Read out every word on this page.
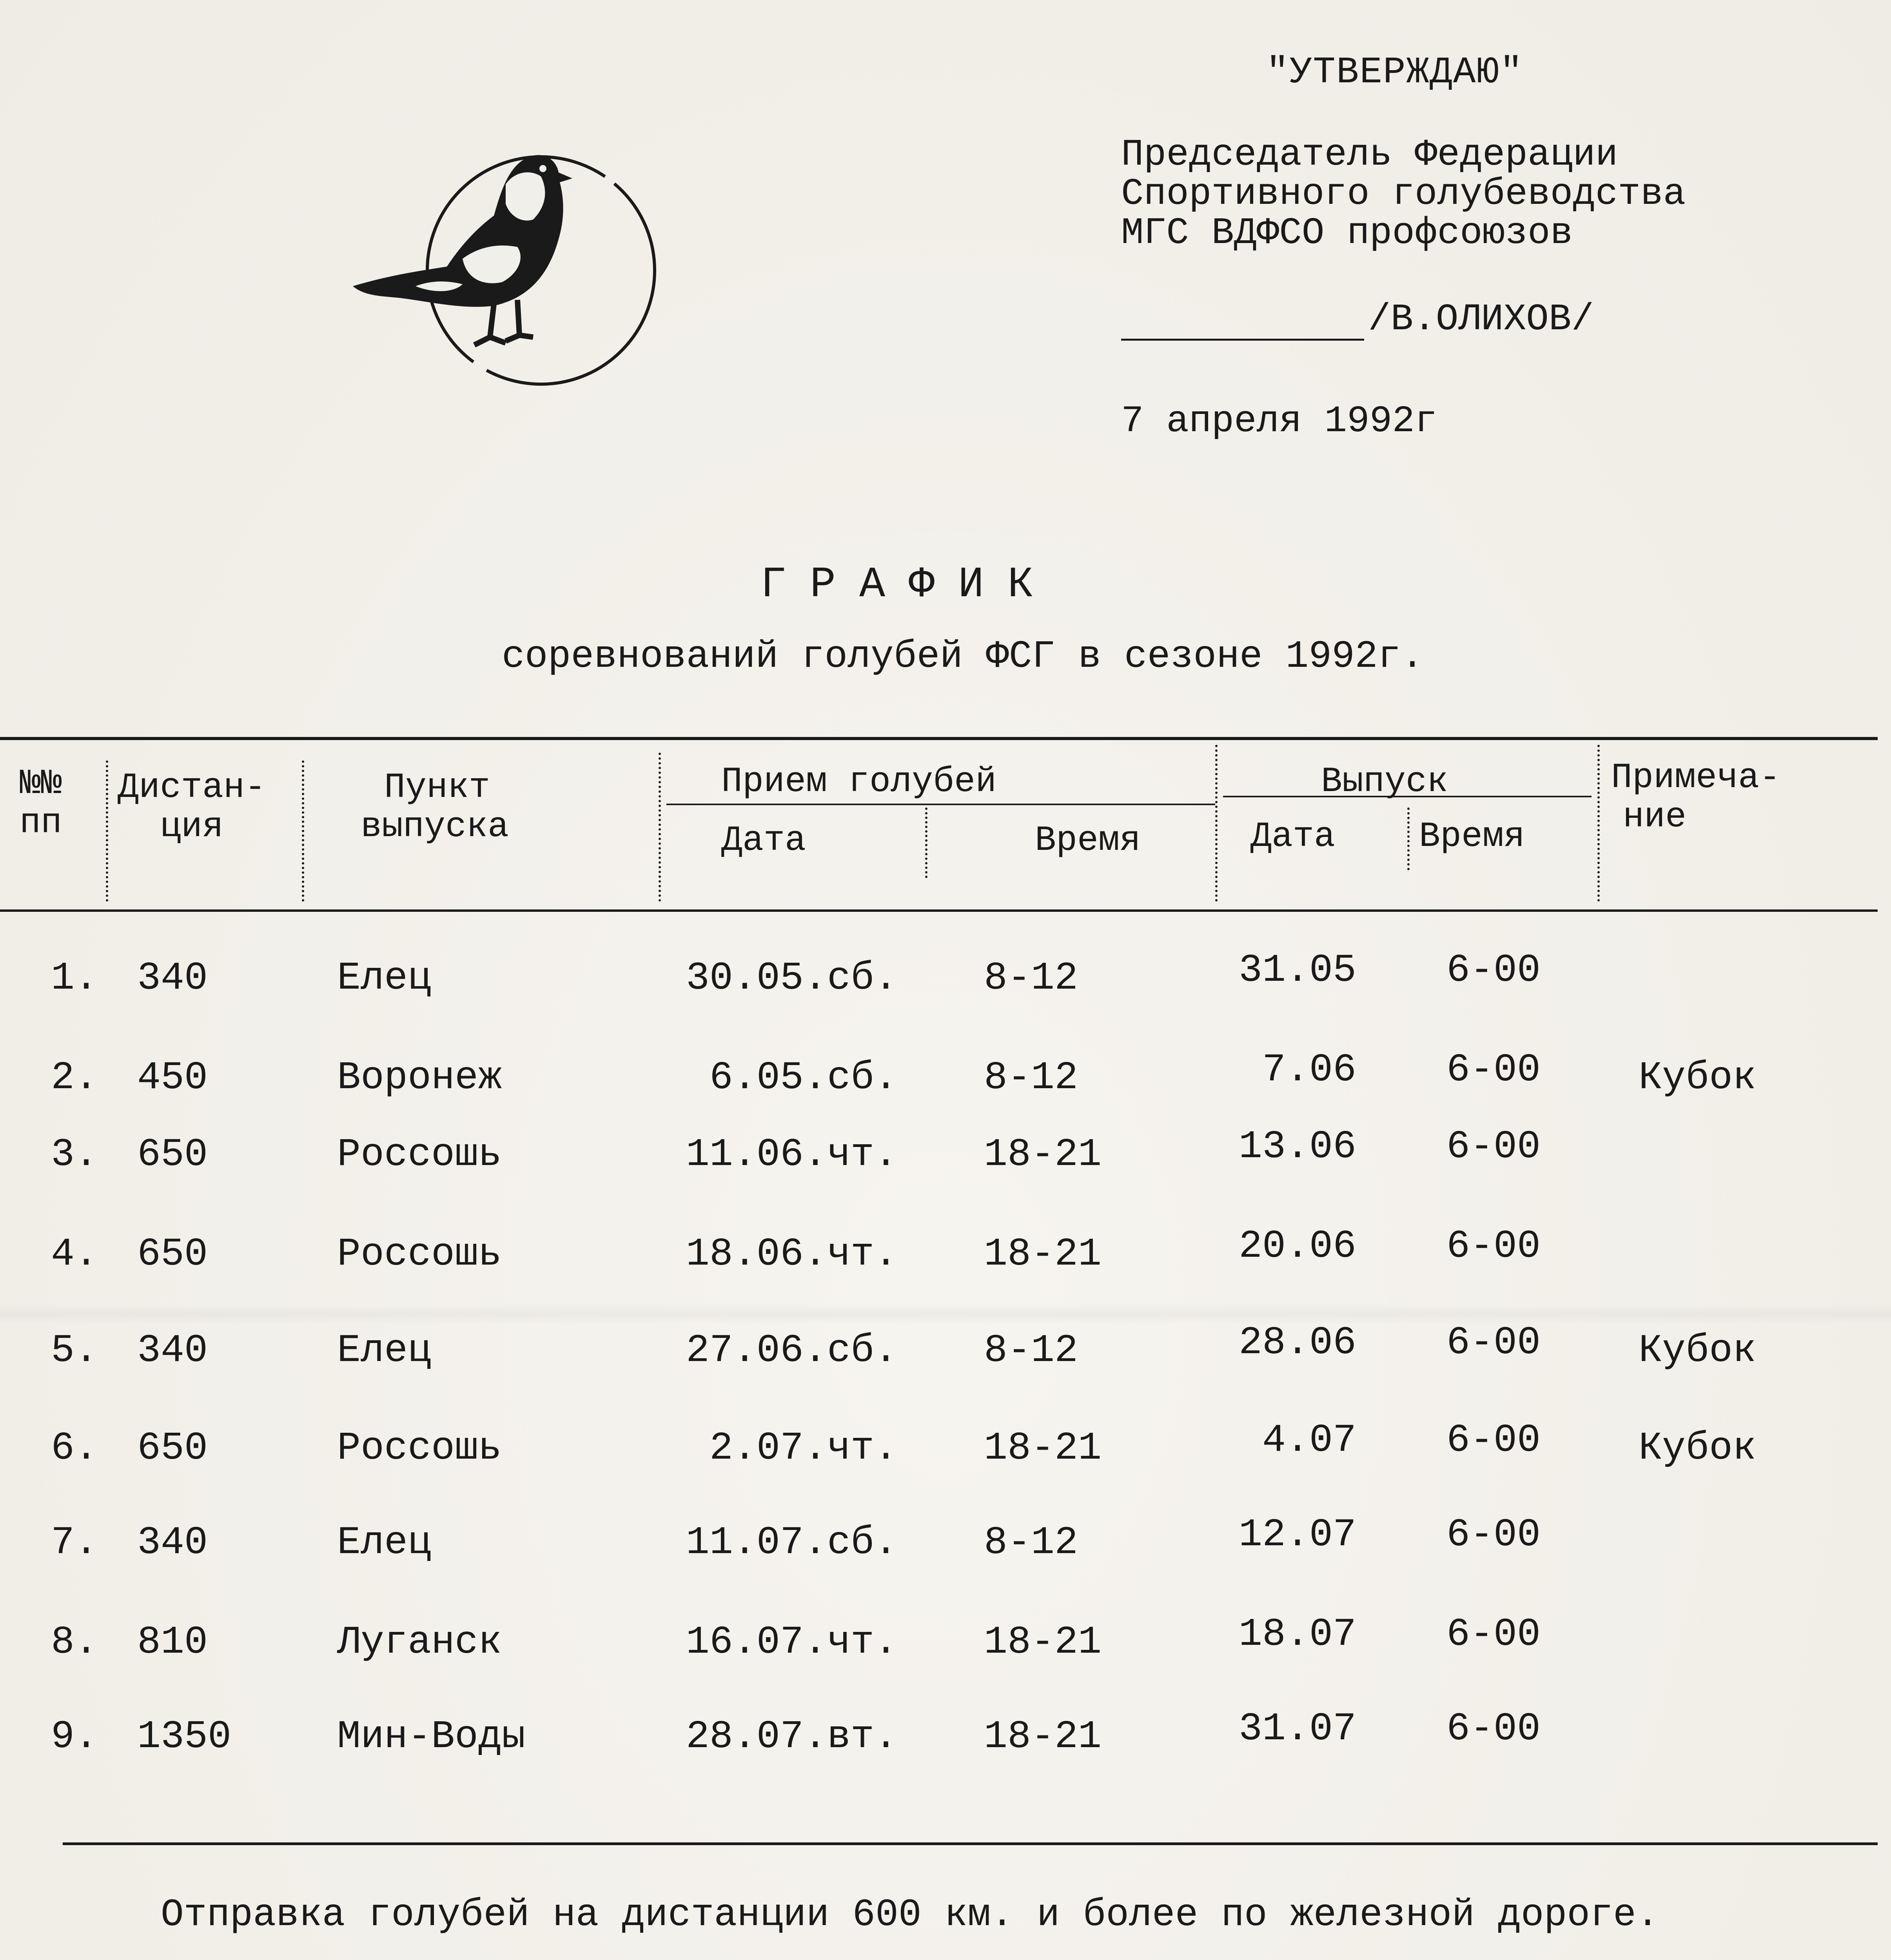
"УТВЕРЖДАЮ"
Председатель Федерации
Спортивного голубеводства
МГС ВДФСО профсоюзов
/В.ОЛИХОВ/
7 апреля 1992г
ГРАФИК
соревнований голубей ФСГ в сезоне 1992г.
№№
пп
Дистан-
ция
Пункт
выпуска
Прием голубей
Дата	Время
Выпуск
Дата Время
Примеча-
ние
1. 340	Елец	30.05.сб. 8-12	31.05 6-00
2. 450	Воронеж	6.05.сб. 8-12	7.06 6-00 Кубок
3. 650	Россошь	11.06.чт. 18-21	13.06 6-00
4. 650	Россошь	18.06.чт. 18-21	20.06 6-00
5. 340	Елец	27.06.сб. 8-12	28.06 6-00 Кубок
6. 650	Россошь	2.07.чт. 18-21	4.07 6-00 Кубок
7. 340	Елец	11.07.сб. 8-12	12.07 6-00
8. 810	Луганск	16.07.чт. 18-21	18.07 6-00
9. 1350	Мин-Воды	28.07.вт. 18-21	31.07 6-00
Отправка голубей на дистанции 600 км. и более по железной дороге.
